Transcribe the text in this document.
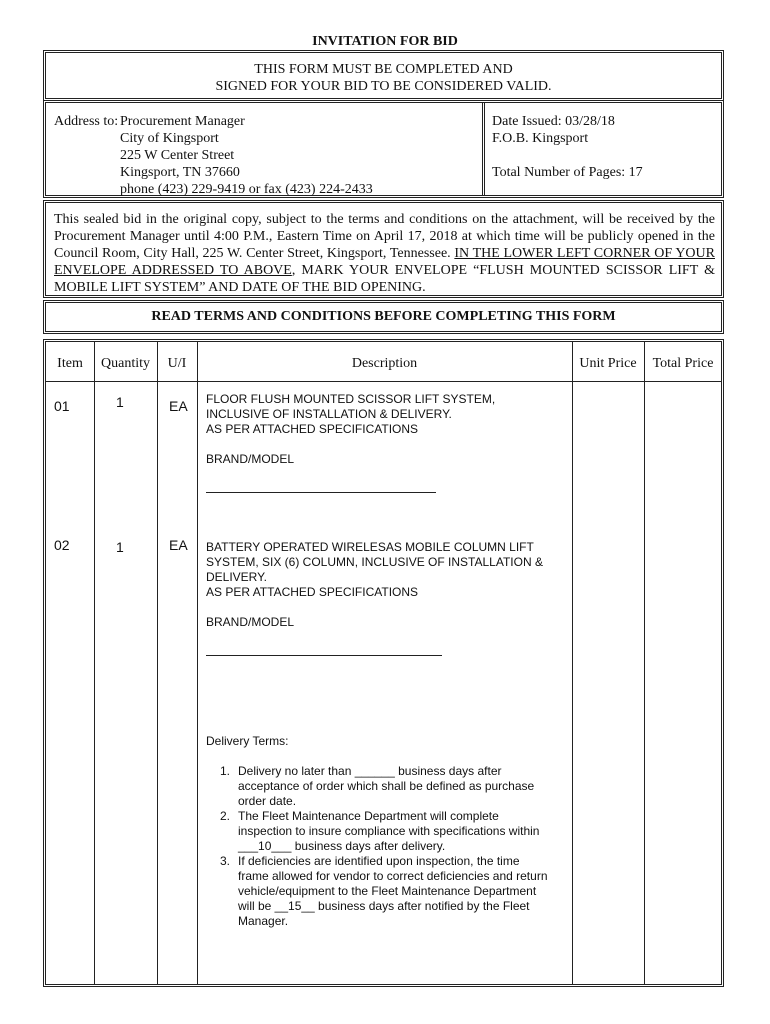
INVITATION FOR BID
THIS FORM MUST BE COMPLETED AND
SIGNED FOR YOUR BID TO BE CONSIDERED VALID.
Address to: Procurement Manager
City of Kingsport
225 W Center Street
Kingsport, TN 37660
phone (423) 229-9419 or fax (423) 224-2433
Date Issued: 03/28/18
F.O.B. Kingsport
Total Number of Pages: 17
This sealed bid in the original copy, subject to the terms and conditions on the attachment, will be received by the Procurement Manager until 4:00 P.M., Eastern Time on April 17, 2018 at which time will be publicly opened in the Council Room, City Hall, 225 W. Center Street, Kingsport, Tennessee. IN THE LOWER LEFT CORNER OF YOUR ENVELOPE ADDRESSED TO ABOVE, MARK YOUR ENVELOPE “FLUSH MOUNTED SCISSOR LIFT & MOBILE LIFT SYSTEM” AND DATE OF THE BID OPENING.
READ TERMS AND CONDITIONS BEFORE COMPLETING THIS FORM
Item	Quantity	U/I	Description	Unit Price	Total Price
01	1	EA FLOOR FLUSH MOUNTED SCISSOR LIFT SYSTEM,
INCLUSIVE OF INSTALLATION & DELIVERY.
AS PER ATTACHED SPECIFICATIONS
BRAND/MODEL
02	1	EA BATTERY OPERATED WIRELESAS MOBILE COLUMN LIFT
SYSTEM, SIX (6) COLUMN, INCLUSIVE OF INSTALLATION &
DELIVERY.
AS PER ATTACHED SPECIFICATIONS
BRAND/MODEL
Delivery Terms:
1. Delivery no later than ______ business days after acceptance of order which shall be defined as purchase order date.
2. The Fleet Maintenance Department will complete inspection to insure compliance with specifications within ___10___ business days after delivery.
3. If deficiencies are identified upon inspection, the time frame allowed for vendor to correct deficiencies and return vehicle/equipment to the Fleet Maintenance Department will be __15__ business days after notified by the Fleet Manager.
